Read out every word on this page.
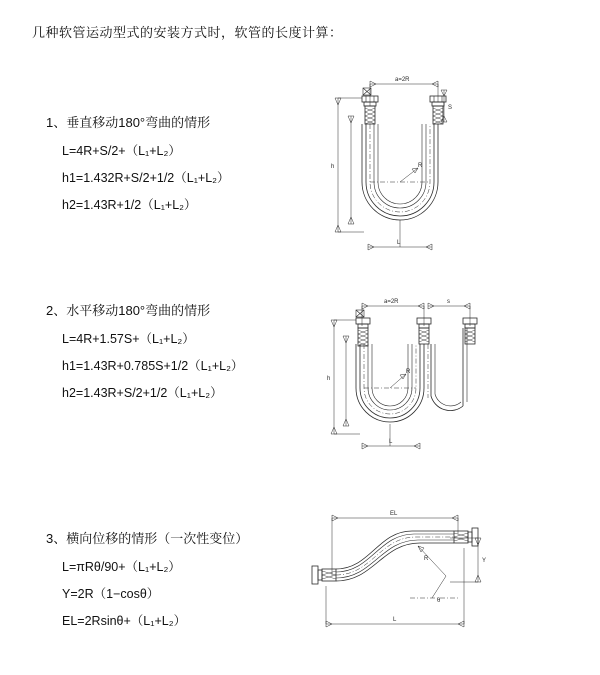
几种软管运动型式的安装方式时，软管的长度计算：
1、垂直移动180°弯曲的情形
L=4R+S/2+（L₁+L₂）
h1=1.432R+S/2+1/2（L₁+L₂）
h2=1.43R+1/2（L₁+L₂）
a=2R
S
h	R
L
2、水平移动180°弯曲的情形
L=4R+1.57S+（L₁+L₂）
h1=1.43R+0.785S+1/2（L₁+L₂）
h2=1.43R+S/2+1/2（L₁+L₂）
a=2R	s
h
R
L
3、横向位移的情形（一次性变位）
L=πRθ/90+（L₁+L₂）
Y=2R（1−cosθ）
EL=2Rsinθ+（L₁+L₂）
EL
Y
θ
R
L
